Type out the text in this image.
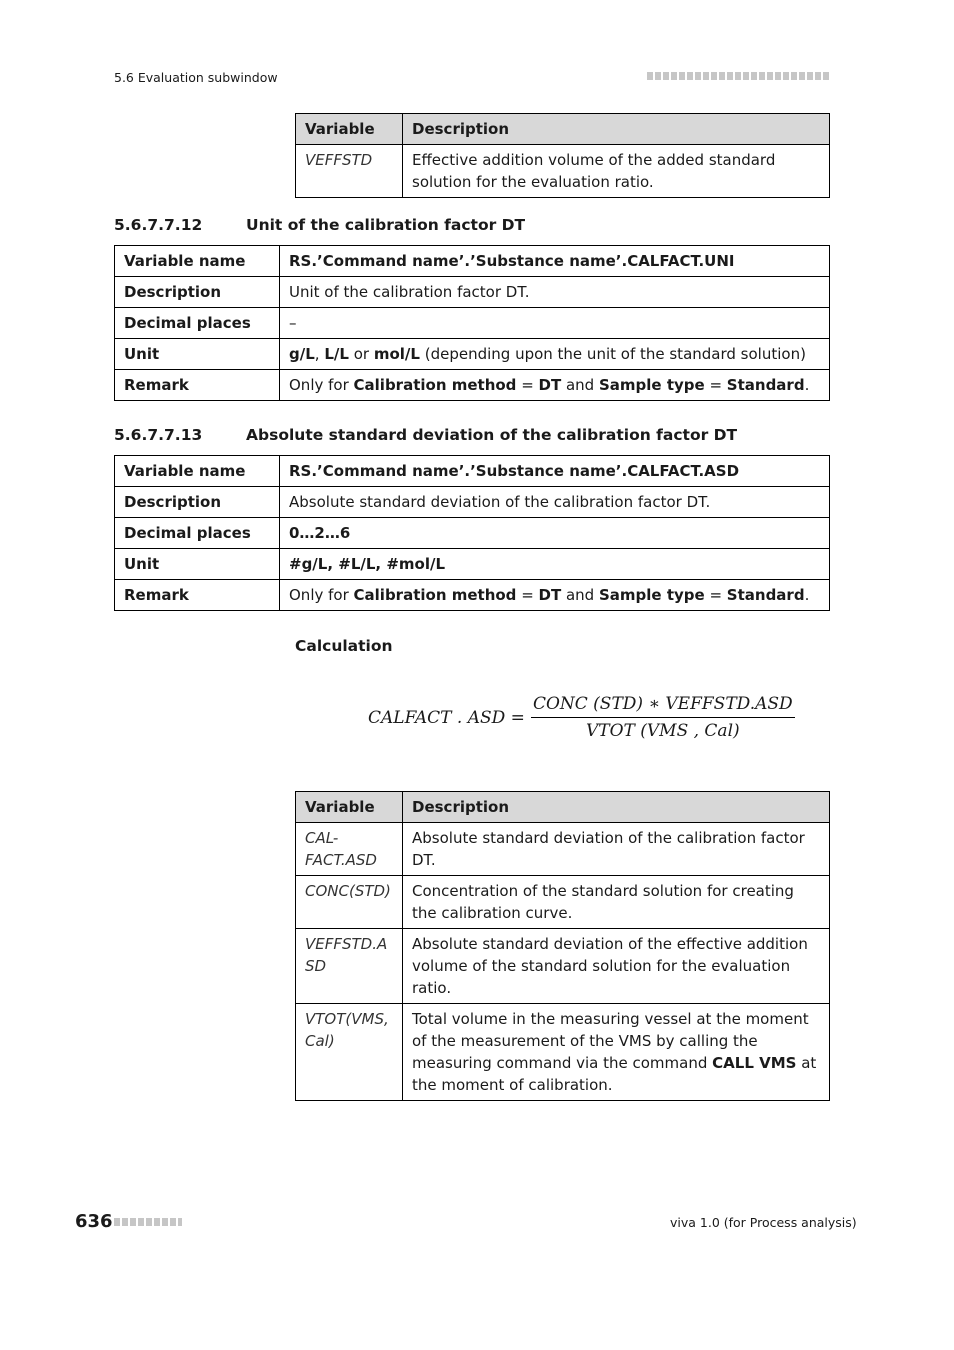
5.6 Evaluation subwindow
Variable	Description
VEFFSTD	Effective addition volume of the added standard solution for the evaluation ratio.
5.6.7.7.12	Unit of the calibration factor DT
Variable name	RS.’Command name’.’Substance name’.CALFACT.UNI
Description	Unit of the calibration factor DT.
Decimal places	–
Unit	g/L, L/L or mol/L (depending upon the unit of the standard solution)
Remark	Only for Calibration method = DT and Sample type = Standard.
5.6.7.7.13	Absolute standard deviation of the calibration factor DT
Variable name	RS.’Command name’.’Substance name’.CALFACT.ASD
Description	Absolute standard deviation of the calibration factor DT.
Decimal places	0…2…6
Unit	#g/L, #L/L, #mol/L
Remark	Only for Calibration method = DT and Sample type = Standard.
Calculation
CALFACT . ASD = $\frac{\text{CONC (STD) ∗ VEFFSTD.ASD}}{\text{VTOT (VMS , Cal)}}$
Variable	Description
CAL-FACT.ASD	Absolute standard deviation of the calibration factor DT.
CONC(STD)	Concentration of the standard solution for creating the calibration curve.
VEFFSTD.ASD	Absolute standard deviation of the effective addition volume of the standard solution for the evaluation ratio.
VTOT(VMS, Cal)	Total volume in the measuring vessel at the moment of the measurement of the VMS by calling the measuring command via the command CALL VMS at the moment of calibration.
636	viva 1.0 (for Process analysis)
